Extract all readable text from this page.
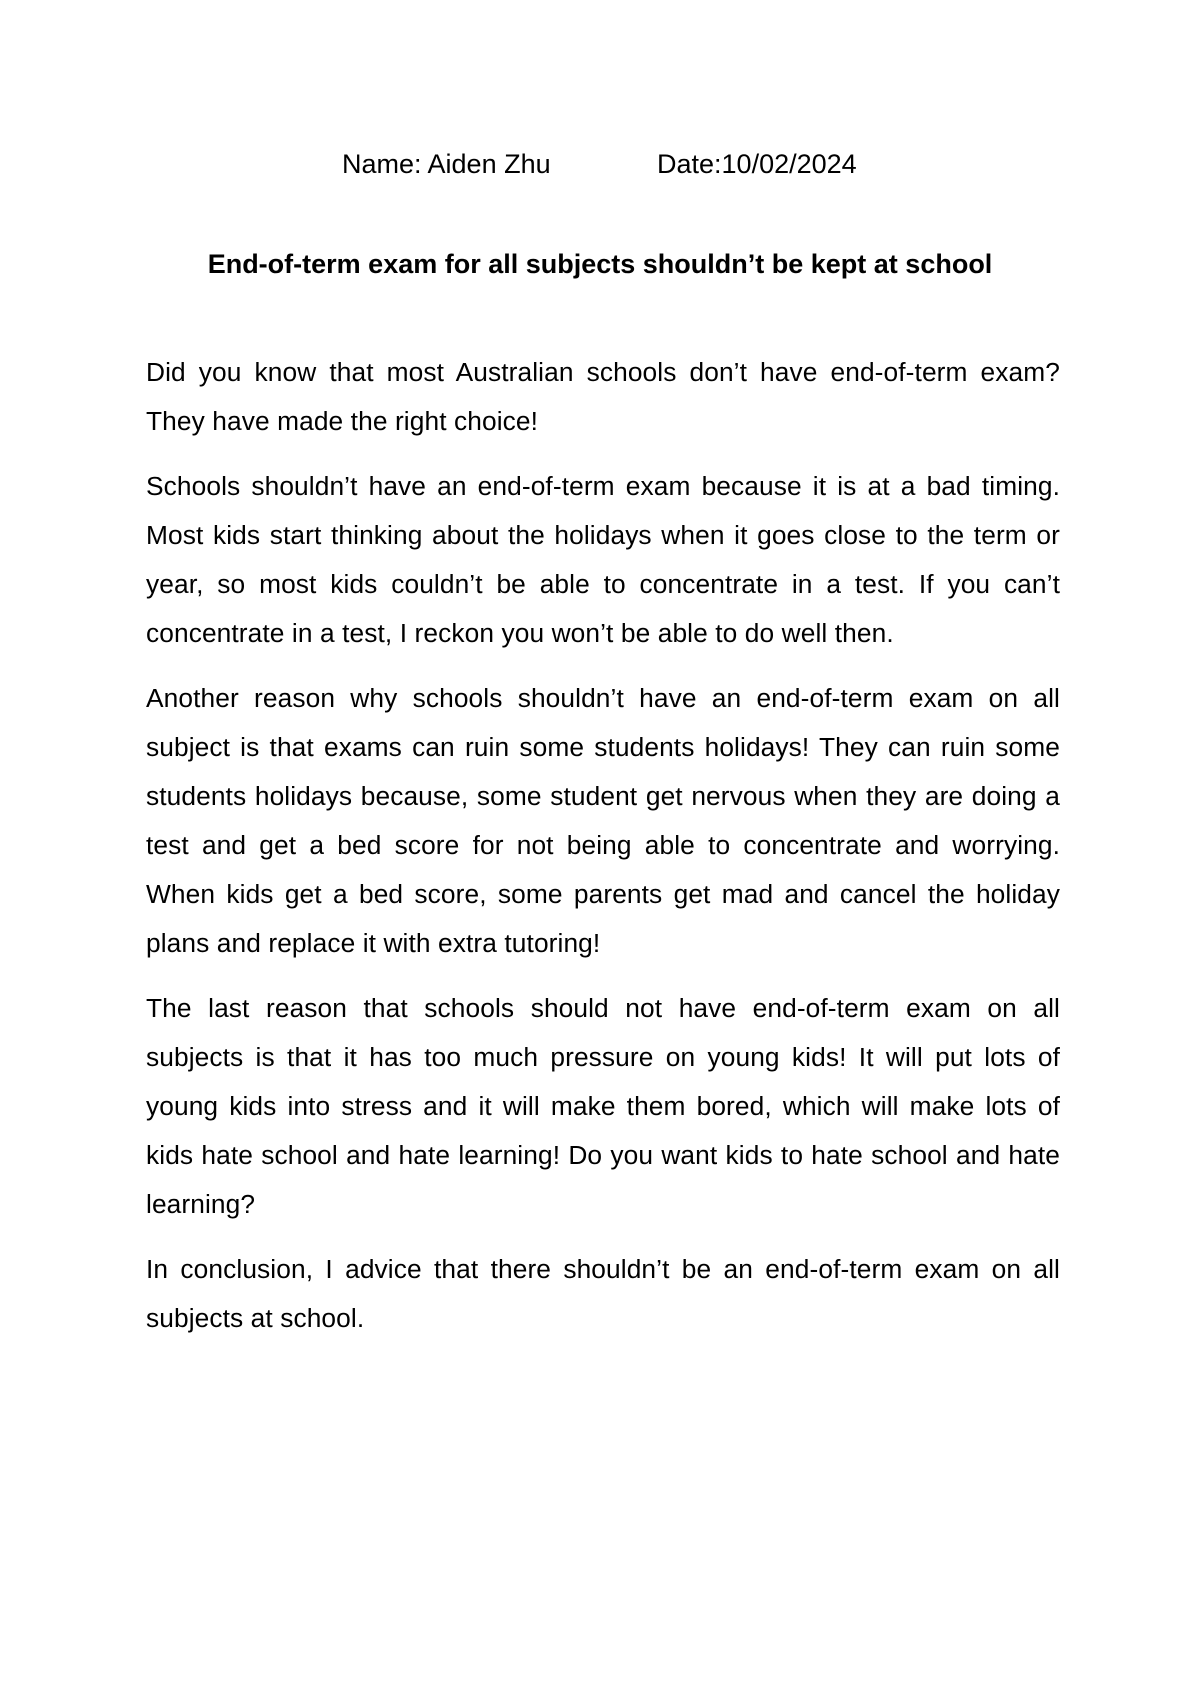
Name: Aiden Zhu	Date:10/02/2024
End-of-term exam for all subjects shouldn’t be kept at school

Did you know that most Australian schools don’t have end-of-term exam? They have made the right choice!

Schools shouldn’t have an end-of-term exam because it is at a bad timing. Most kids start thinking about the holidays when it goes close to the term or year, so most kids couldn’t be able to concentrate in a test. If you can’t concentrate in a test, I reckon you won’t be able to do well then.

Another reason why schools shouldn’t have an end-of-term exam on all subject is that exams can ruin some students holidays! They can ruin some students holidays because, some student get nervous when they are doing a test and get a bed score for not being able to concentrate and worrying. When kids get a bed score, some parents get mad and cancel the holiday plans and replace it with extra tutoring!

The last reason that schools should not have end-of-term exam on all subjects is that it has too much pressure on young kids! It will put lots of young kids into stress and it will make them bored, which will make lots of kids hate school and hate learning! Do you want kids to hate school and hate learning?

In conclusion, I advice that there shouldn’t be an end-of-term exam on all subjects at school.
